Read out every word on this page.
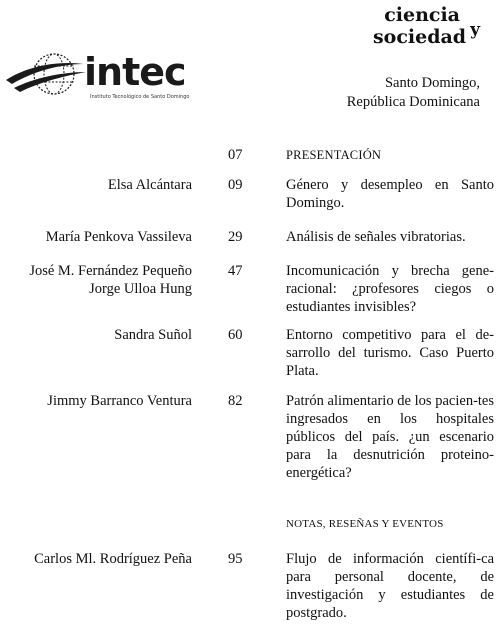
ciencia
sociedad y
intec
Instituto Tecnológico de Santo Domingo
Santo Domingo,
República Dominicana
07	PRESENTACIÓN
Elsa Alcántara 09	Género y desempleo en Santo Domingo.
María Penkova Vassileva 29	Análisis de señales vibratorias.
José M. Fernández Pequeño
Jorge Ulloa Hung
47	Incomunicación y brecha gene-racional: ¿profesores ciegos o estudiantes invisibles?
Sandra Suñol 60	Entorno competitivo para el de-sarrollo del turismo. Caso Puerto Plata.
Jimmy Barranco Ventura 82	Patrón alimentario de los pacien-tes ingresados en los hospitales públicos del país. ¿un escenario para la desnutrición proteino-energética?
NOTAS, RESEÑAS Y EVENTOS
Carlos Ml. Rodríguez Peña 95	Flujo de información científi-ca para personal docente, de investigación y estudiantes de postgrado.
